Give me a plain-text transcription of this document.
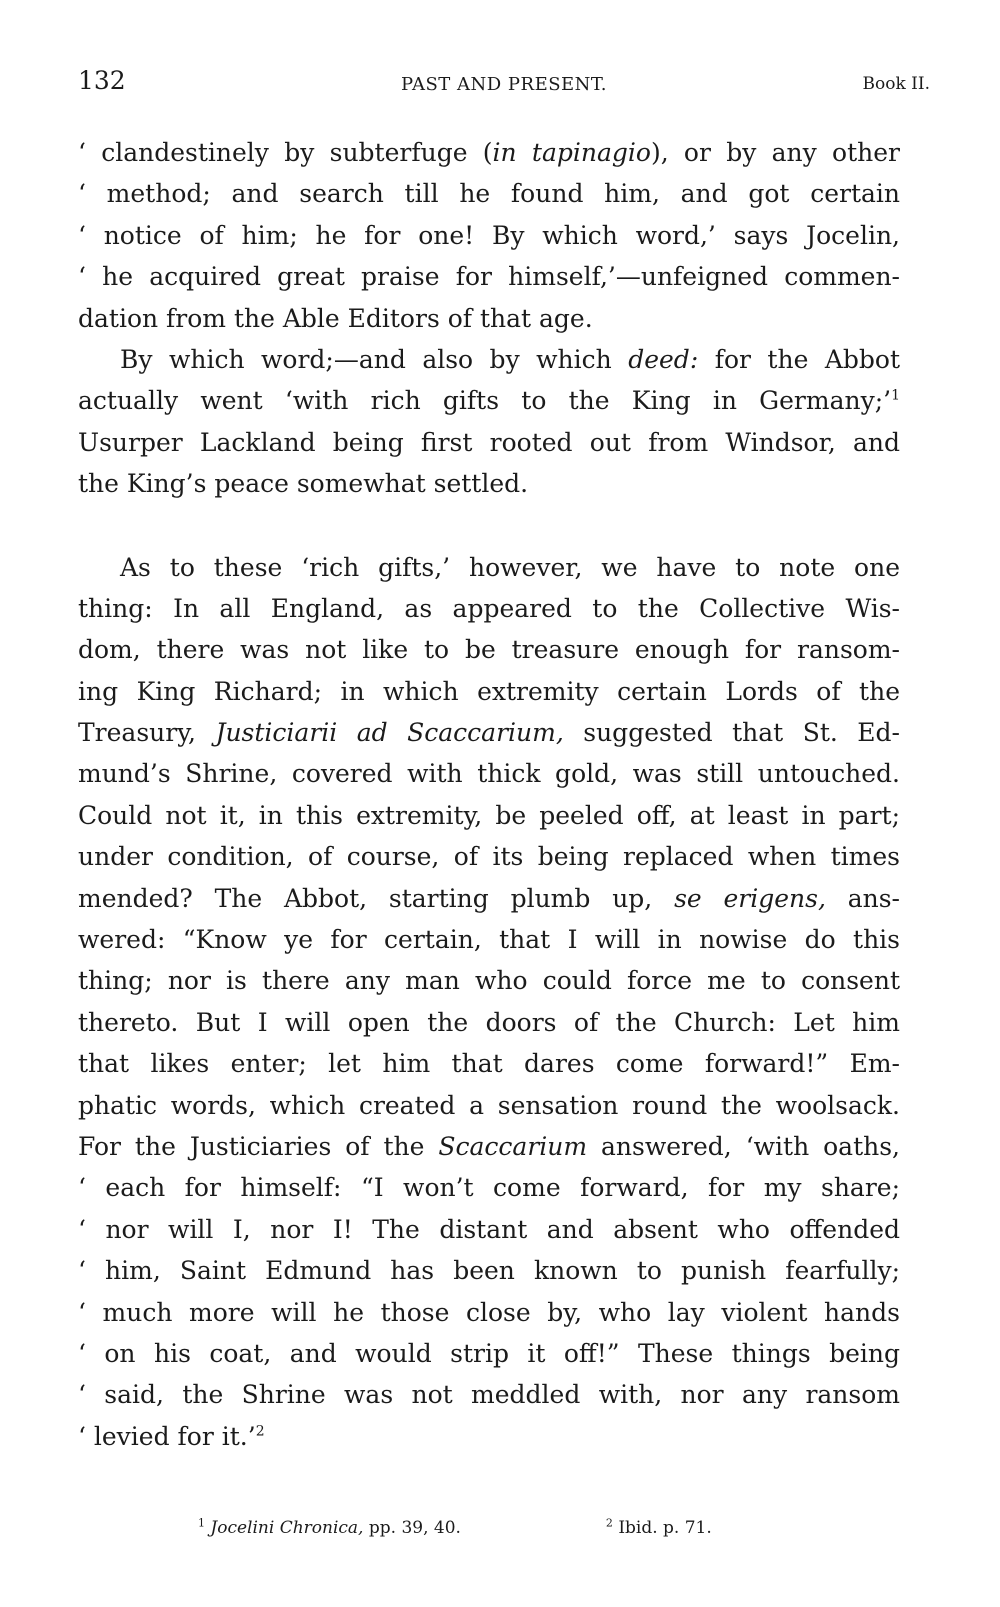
132	PAST AND PRESENT.	Book II.
‘ clandestinely by subterfuge (in tapinagio), or by any other
‘ method; and search till he found him, and got certain
‘ notice of him; he for one! By which word,’ says Jocelin,
‘ he acquired great praise for himself,’—unfeigned commen-
dation from the Able Editors of that age.
By which word;—and also by which deed: for the Abbot
actually went ‘with rich gifts to the King in Germany;’$^1$
Usurper Lackland being first rooted out from Windsor, and
the King’s peace somewhat settled.
As to these ‘rich gifts,’ however, we have to note one
thing: In all England, as appeared to the Collective Wis-
dom, there was not like to be treasure enough for ransom-
ing King Richard; in which extremity certain Lords of the
Treasury, Justiciarii ad Scaccarium, suggested that St. Ed-
mund’s Shrine, covered with thick gold, was still untouched.
Could not it, in this extremity, be peeled off, at least in part;
under condition, of course, of its being replaced when times
mended? The Abbot, starting plumb up, se erigens, ans-
wered: “Know ye for certain, that I will in nowise do this
thing; nor is there any man who could force me to consent
thereto. But I will open the doors of the Church: Let him
that likes enter; let him that dares come forward!” Em-
phatic words, which created a sensation round the woolsack.
For the Justiciaries of the Scaccarium answered, ‘with oaths,
‘ each for himself: “I won’t come forward, for my share;
‘ nor will I, nor I! The distant and absent who offended
‘ him, Saint Edmund has been known to punish fearfully;
‘ much more will he those close by, who lay violent hands
‘ on his coat, and would strip it off!” These things being
‘ said, the Shrine was not meddled with, nor any ransom
‘ levied for it.’$^2$
$^1$ Jocelini Chronica, pp. 39, 40.	$^2$ Ibid. p. 71.
